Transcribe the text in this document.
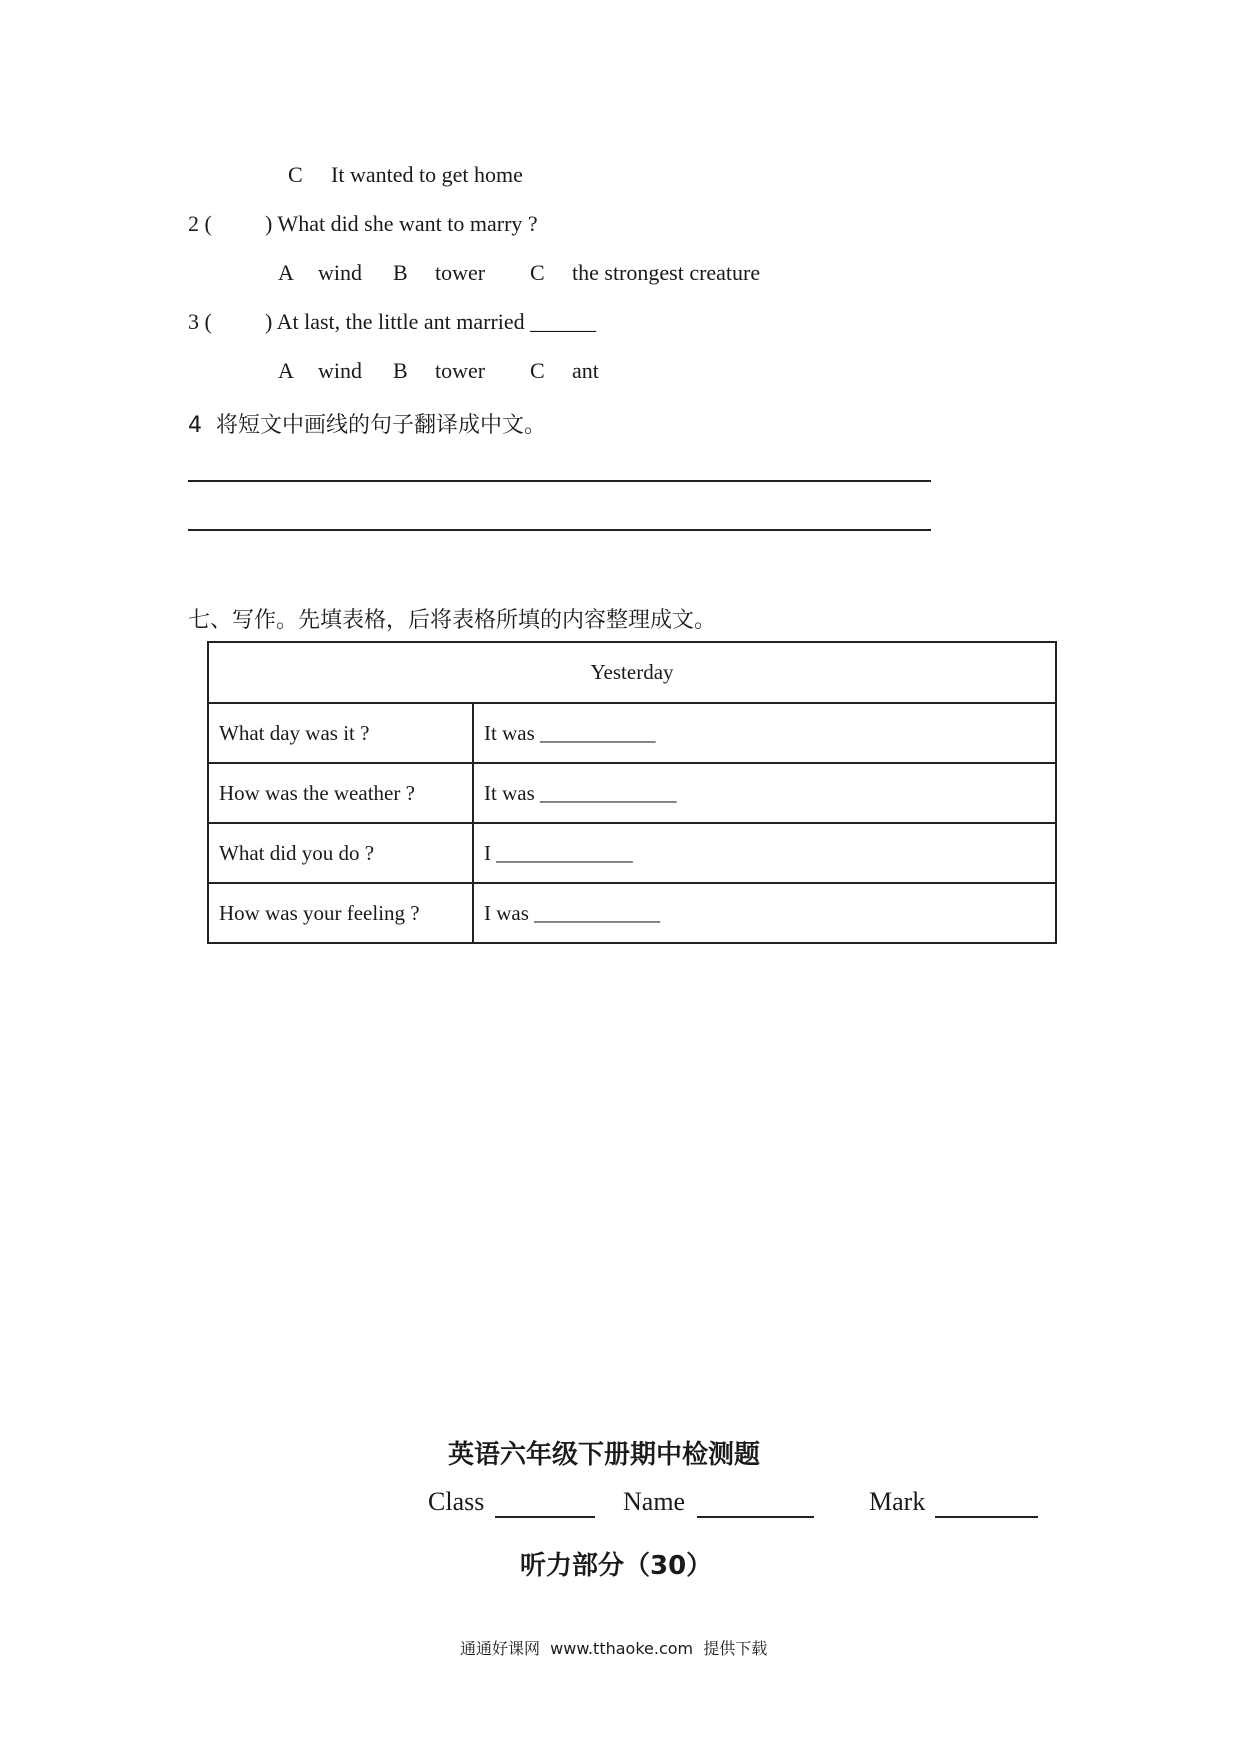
C It wanted to get home
2 ( ) What did she want to marry ?
A wind B tower C the strongest creature
3 ( ) At last, the little ant married ______
A wind B tower C ant
4  将短文中画线的句子翻译成中文。
七、写作。先填表格，后将表格所填的内容整理成文。
Yesterday	
What day was it ?	It was ___________
How was the weather ?	It was _____________
What did you do ?	I _____________
How was your feeling ?	I was ____________
英语六年级下册期中检测题
Class	Name	Mark
听力部分（30）
通通好课网  www.tthaoke.com  提供下载
